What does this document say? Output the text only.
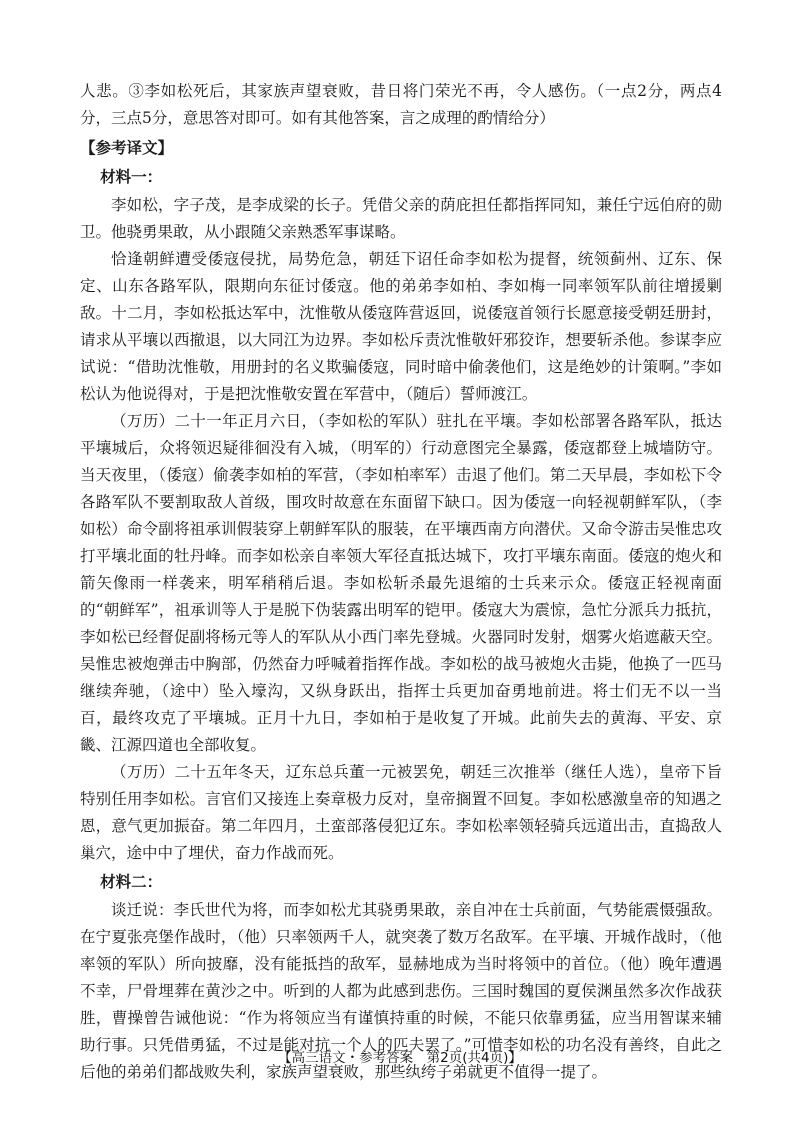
人悲。③李如松死后，其家族声望衰败，昔日将门荣光不再，令人感伤。（一点2分，两点4分，三点5分，意思答对即可。如有其他答案，言之成理的酌情给分）

【参考译文】
材料一：

李如松，字子茂，是李成梁的长子。凭借父亲的荫庇担任都指挥同知，兼任宁远伯府的勋卫。他骁勇果敢，从小跟随父亲熟悉军事谋略。

恰逢朝鲜遭受倭寇侵扰，局势危急，朝廷下诏任命李如松为提督，统领蓟州、辽东、保定、山东各路军队，限期向东征讨倭寇。他的弟弟李如柏、李如梅一同率领军队前往增援剿敌。十二月，李如松抵达军中，沈惟敬从倭寇阵营返回，说倭寇首领行长愿意接受朝廷册封，请求从平壤以西撤退，以大同江为边界。李如松斥责沈惟敬奸邪狡诈，想要斩杀他。参谋李应试说：“借助沈惟敬，用册封的名义欺骗倭寇，同时暗中偷袭他们，这是绝妙的计策啊。”李如松认为他说得对，于是把沈惟敬安置在军营中，（随后）誓师渡江。

（万历）二十一年正月六日，（李如松的军队）驻扎在平壤。李如松部署各路军队，抵达平壤城后，众将领迟疑徘徊没有入城，（明军的）行动意图完全暴露，倭寇都登上城墙防守。当天夜里，（倭寇）偷袭李如柏的军营，（李如柏率军）击退了他们。第二天早晨，李如松下令各路军队不要割取敌人首级，围攻时故意在东面留下缺口。因为倭寇一向轻视朝鲜军队，（李如松）命令副将祖承训假装穿上朝鲜军队的服装，在平壤西南方向潜伏。又命令游击吴惟忠攻打平壤北面的牡丹峰。而李如松亲自率领大军径直抵达城下，攻打平壤东南面。倭寇的炮火和箭矢像雨一样袭来，明军稍稍后退。李如松斩杀最先退缩的士兵来示众。倭寇正轻视南面的“朝鲜军”，祖承训等人于是脱下伪装露出明军的铠甲。倭寇大为震惊，急忙分派兵力抵抗，李如松已经督促副将杨元等人的军队从小西门率先登城。火器同时发射，烟雾火焰遮蔽天空。吴惟忠被炮弹击中胸部，仍然奋力呼喊着指挥作战。李如松的战马被炮火击毙，他换了一匹马继续奔驰，（途中）坠入壕沟，又纵身跃出，指挥士兵更加奋勇地前进。将士们无不以一当百，最终攻克了平壤城。正月十九日，李如柏于是收复了开城。此前失去的黄海、平安、京畿、江源四道也全部收复。

（万历）二十五年冬天，辽东总兵董一元被罢免，朝廷三次推举（继任人选），皇帝下旨特别任用李如松。言官们又接连上奏章极力反对，皇帝搁置不回复。李如松感激皇帝的知遇之恩，意气更加振奋。第二年四月，土蛮部落侵犯辽东。李如松率领轻骑兵远道出击，直捣敌人巢穴，途中中了埋伏，奋力作战而死。

材料二：

谈迁说：李氏世代为将，而李如松尤其骁勇果敢，亲自冲在士兵前面，气势能震慑强敌。在宁夏张亮堡作战时，（他）只率领两千人，就突袭了数万名敌军。在平壤、开城作战时，（他率领的军队）所向披靡，没有能抵挡的敌军，显赫地成为当时将领中的首位。（他）晚年遭遇不幸，尸骨埋葬在黄沙之中。听到的人都为此感到悲伤。三国时魏国的夏侯渊虽然多次作战获胜，曹操曾告诫他说：“作为将领应当有谨慎持重的时候，不能只依靠勇猛，应当用智谋来辅助行事。只凭借勇猛，不过是能对抗一个人的匹夫罢了。”可惜李如松的功名没有善终，自此之后他的弟弟们都战败失利，家族声望衰败，那些纨绔子弟就更不值得一提了。

【高三语文・参考答案　第2页(共4页)】
